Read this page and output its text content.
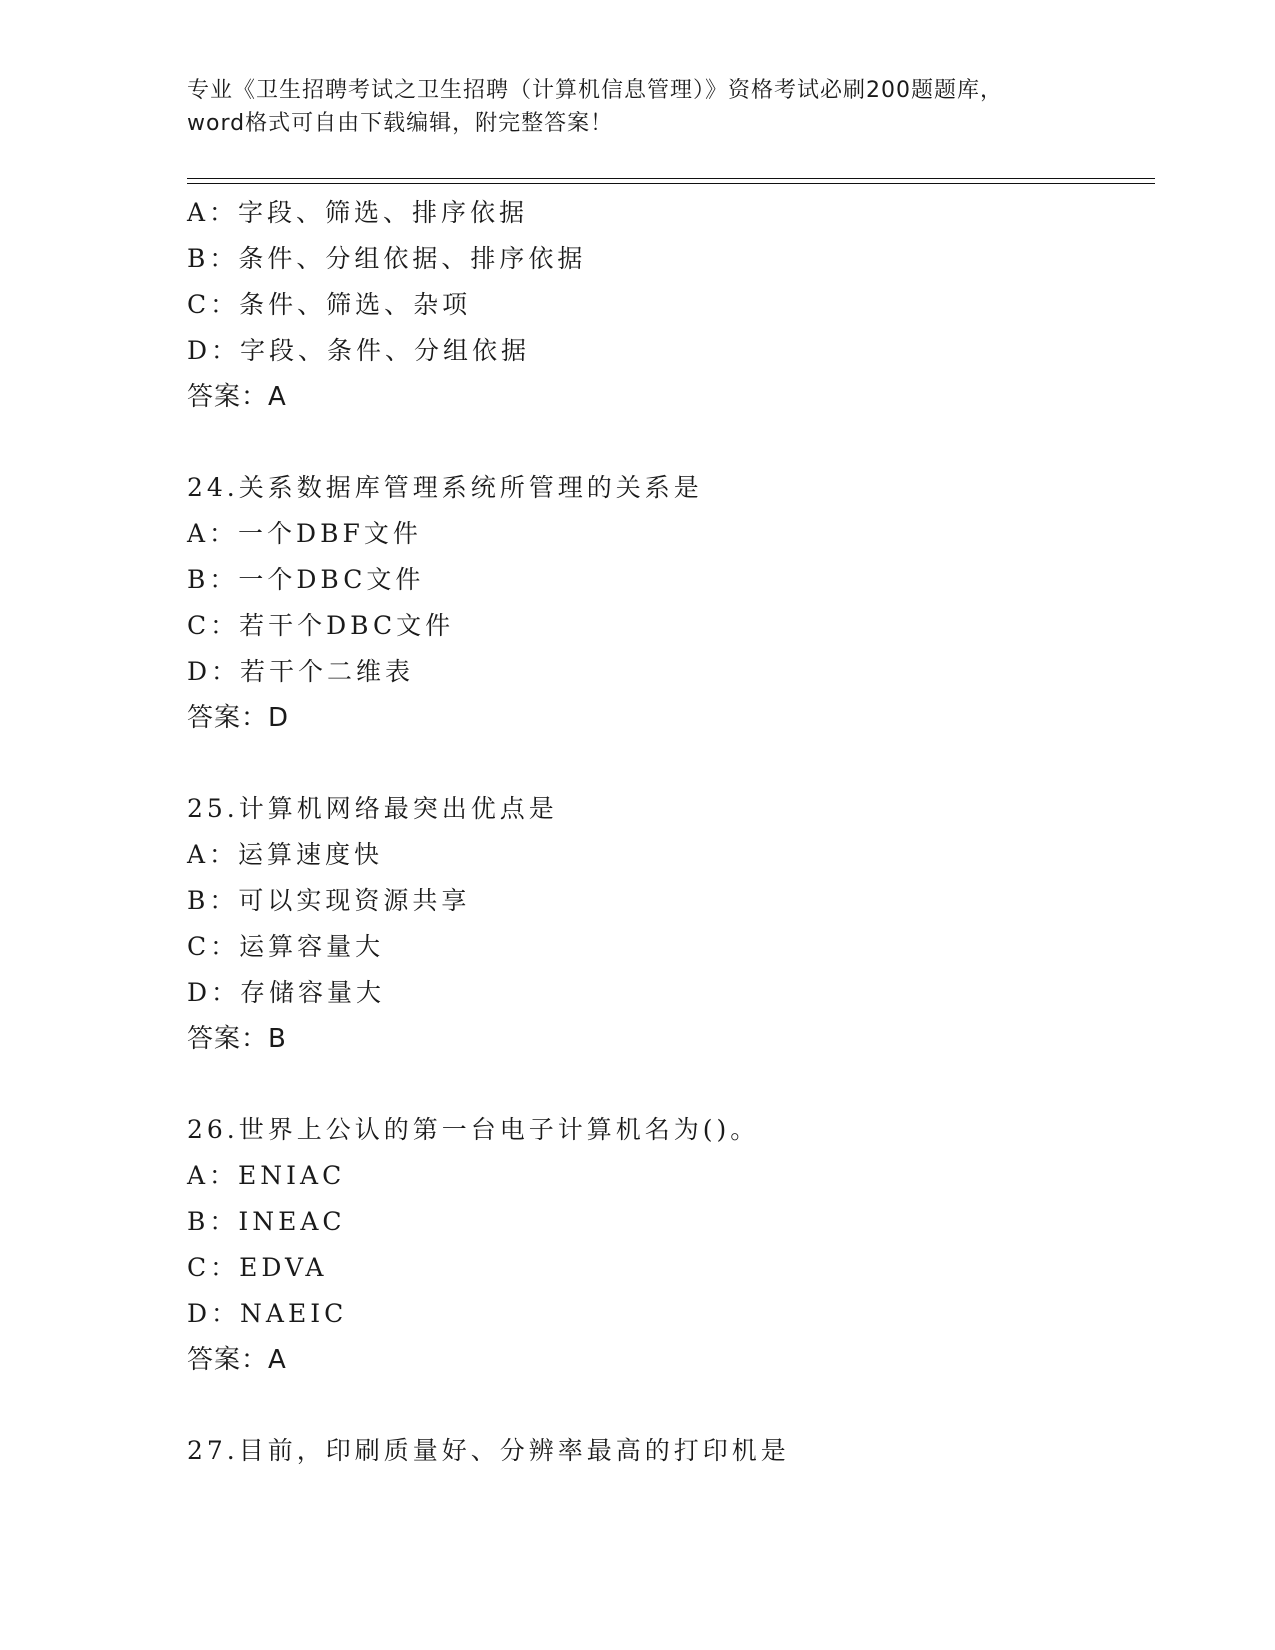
专业《卫生招聘考试之卫生招聘（计算机信息管理）》资格考试必刷200题题库，
word格式可自由下载编辑，附完整答案！
A：字段、筛选、排序依据
B：条件、分组依据、排序依据
C：条件、筛选、杂项
D：字段、条件、分组依据
答案：A
24.关系数据库管理系统所管理的关系是
A：一个DBF文件
B：一个DBC文件
C：若干个DBC文件
D：若干个二维表
答案：D
25.计算机网络最突出优点是
A：运算速度快
B：可以实现资源共享
C：运算容量大
D：存储容量大
答案：B
26.世界上公认的第一台电子计算机名为()。
A：ENIAC
B：INEAC
C：EDVA
D：NAEIC
答案：A
27.目前，印刷质量好、分辨率最高的打印机是
